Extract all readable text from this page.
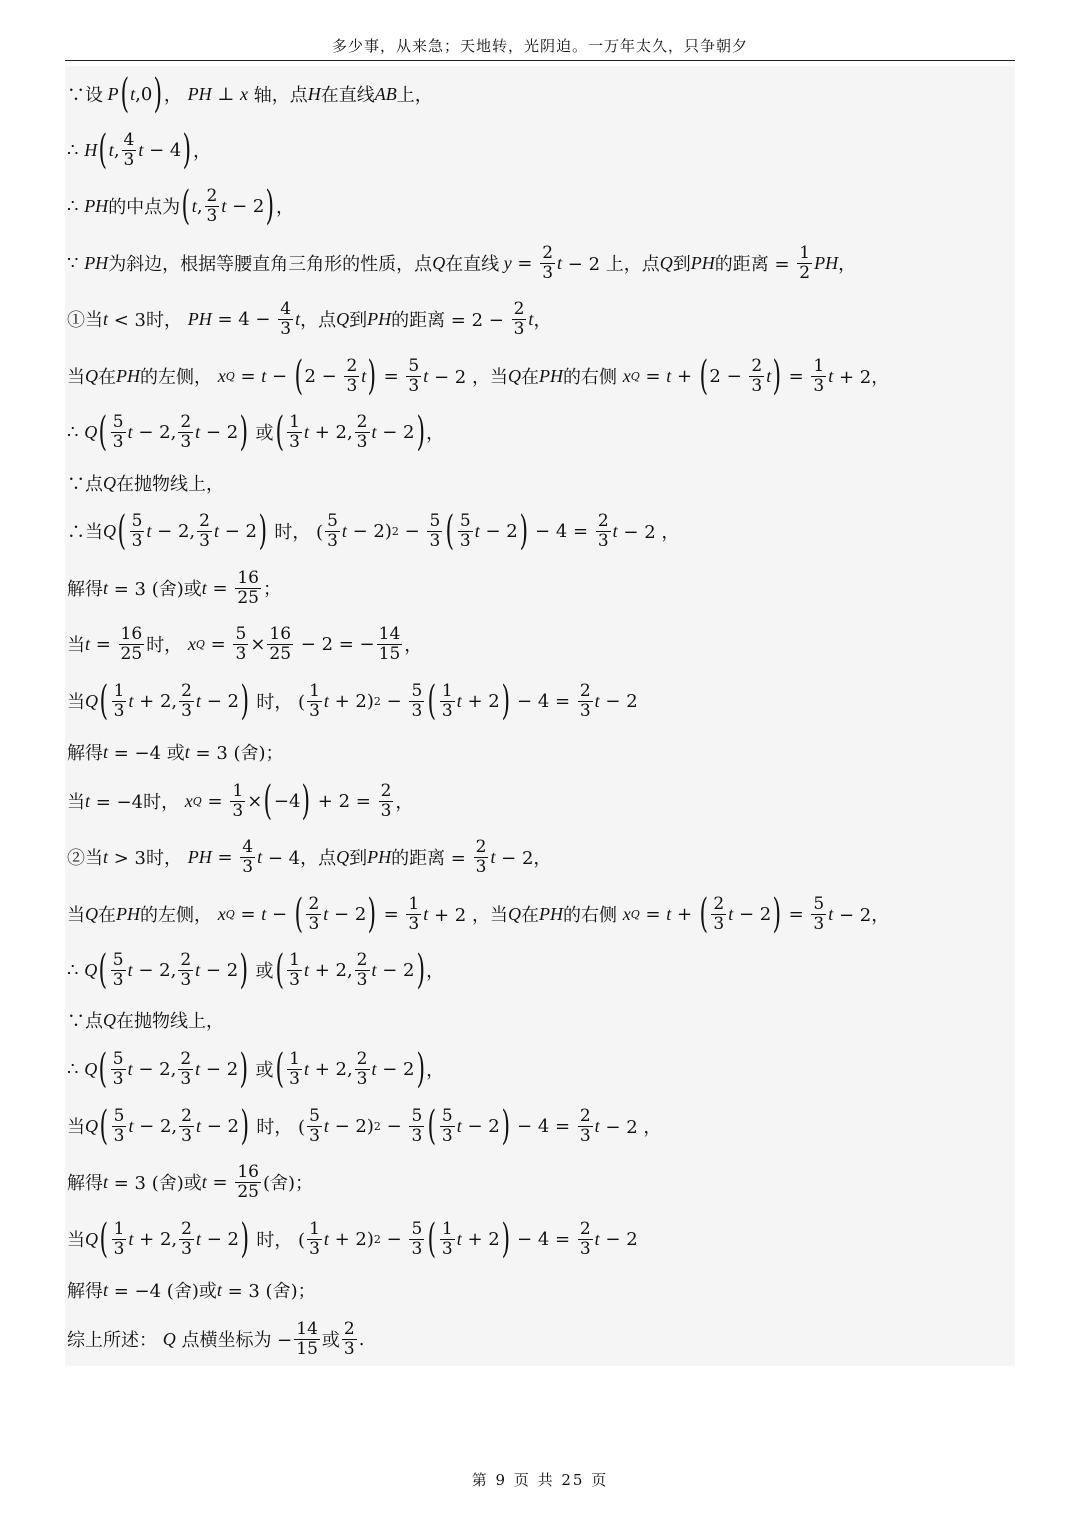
多少事，从来急；天地转，光阴迫。一万年太久，只争朝夕
∵设 P ( t ,0 ) ， PH ⊥ x 轴，点 H 在直线 AB 上，
∴ H ( t , $\frac{4}{3}$ t − 4 ) ，
∴ PH 的中点为 ( t , $\frac{2}{3}$ t − 2 ) ，
∵ PH 为斜边，根据等腰直角三角形的性质，点 Q 在直线 $y = \frac{2}{3}$ t − 2 上，点 Q 到 PH 的距离 = $\frac{1}{2}$ PH ，
①当 t < 3时， PH = $4 - \frac{4}{3}$ t ，点 Q 到 PH 的距离 = $2 - \frac{2}{3}$ t ，
当 Q 在 PH 的左侧， x Q = t − ( $2 - \frac{2}{3}$ t ) = $\frac{5}{3}$ t − 2 ，当 Q 在 PH 的右侧 x Q = t + ( $2 - \frac{2}{3}$ t ) = $\frac{1}{3}$ t + 2，
∴ Q ( $\frac{5}{3}$ t − 2, $\frac{2}{3}$ t − 2 ) 或 ( $\frac{1}{3}$ t + 2, $\frac{2}{3}$ t − 2 ) ，
∵点 Q 在抛物线上，
∴当 Q ( $\frac{5}{3}$ t − 2, $\frac{2}{3}$ t − 2 ) 时， ( $\frac{5}{3}$ t − 2) $2 - \frac{5}{3}$ ( $\frac{5}{3}$ t − 2 ) − $4 = \frac{2}{3}$ t − 2 ，
解得 t = 3 (舍)或 $t = \frac{16}{25}$ ；
当 $t = \frac{16}{25}$ 时， x $Q = \frac{5}{3} \times \frac{16}{25} - 2$ = − $\frac{14}{15}$ ，
当 Q ( $\frac{1}{3}$ t + 2, $\frac{2}{3}$ t − 2 ) 时， ( $\frac{1}{3}$ t + 2) $2 - \frac{5}{3}$ ( $\frac{1}{3}$ t + 2 ) − $4 = \frac{2}{3}$ t − 2
解得 t = −4 或 t = 3 (舍)；
当 t = −4时， x $Q = \frac{1}{3}$ × ( −4 ) + $2 = \frac{2}{3}$ ，
②当 t > 3时， PH = $\frac{4}{3}$ t − 4，点 Q 到 PH 的距离 = $\frac{2}{3}$ t − 2，
当 Q 在 PH 的左侧， x Q = t − ( $\frac{2}{3}$ t − 2 ) = $\frac{1}{3}$ t + 2 ，当 Q 在 PH 的右侧 x Q = t + ( $\frac{2}{3}$ t − 2 ) = $\frac{5}{3}$ t − 2，
∴ Q ( $\frac{5}{3}$ t − 2, $\frac{2}{3}$ t − 2 ) 或 ( $\frac{1}{3}$ t + 2, $\frac{2}{3}$ t − 2 ) ，
∵点 Q 在抛物线上，
∴ Q ( $\frac{5}{3}$ t − 2, $\frac{2}{3}$ t − 2 ) 或 ( $\frac{1}{3}$ t + 2, $\frac{2}{3}$ t − 2 ) ，
当 Q ( $\frac{5}{3}$ t − 2, $\frac{2}{3}$ t − 2 ) 时， ( $\frac{5}{3}$ t − 2) $2 - \frac{5}{3}$ ( $\frac{5}{3}$ t − 2 ) − $4 = \frac{2}{3}$ t − 2 ，
解得 t = 3 (舍)或 $t = \frac{16}{25}$ (舍)；
当 Q ( $\frac{1}{3}$ t + 2, $\frac{2}{3}$ t − 2 ) 时， ( $\frac{1}{3}$ t + 2) $2 - \frac{5}{3}$ ( $\frac{1}{3}$ t + 2 ) − $4 = \frac{2}{3}$ t − 2
解得 t = −4 (舍)或 t = 3 (舍)；
综上所述： Q 点横坐标为 − $\frac{14}{15}$ 或 $\frac{2}{3}$ .
第 9 页 共 25 页
